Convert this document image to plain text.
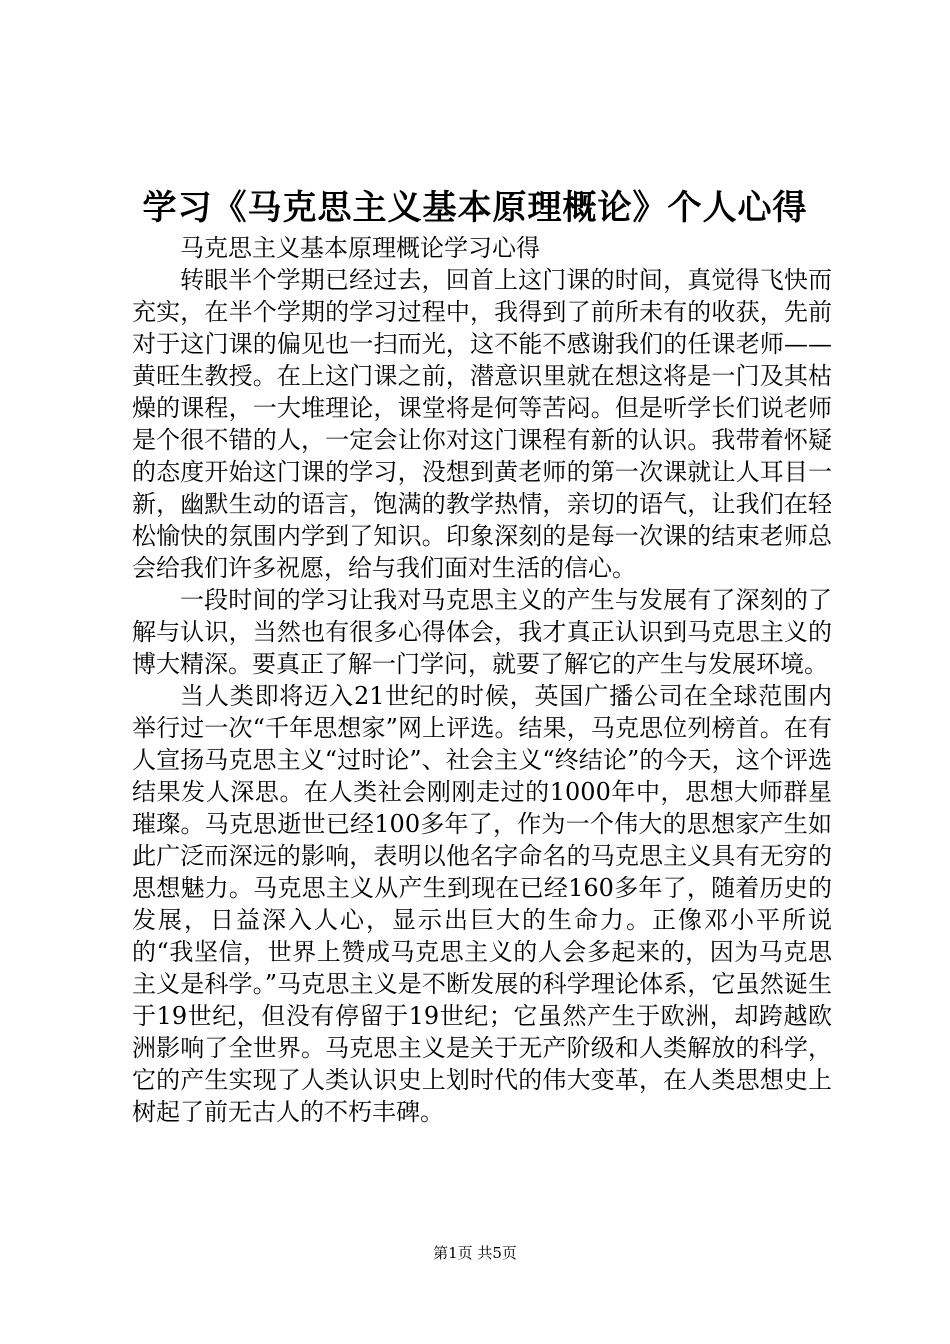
学习《马克思主义基本原理概论》个人心得

马克思主义基本原理概论学习心得

转眼半个学期已经过去，回首上这门课的时间，真觉得飞快而充实，在半个学期的学习过程中，我得到了前所未有的收获，先前对于这门课的偏见也一扫而光，这不能不感谢我们的任课老师——黄旺生教授。在上这门课之前，潜意识里就在想这将是一门及其枯燥的课程，一大堆理论，课堂将是何等苦闷。但是听学长们说老师是个很不错的人，一定会让你对这门课程有新的认识。我带着怀疑的态度开始这门课的学习，没想到黄老师的第一次课就让人耳目一新，幽默生动的语言，饱满的教学热情，亲切的语气，让我们在轻松愉快的氛围内学到了知识。印象深刻的是每一次课的结束老师总会给我们许多祝愿，给与我们面对生活的信心。

一段时间的学习让我对马克思主义的产生与发展有了深刻的了解与认识，当然也有很多心得体会，我才真正认识到马克思主义的博大精深。要真正了解一门学问，就要了解它的产生与发展环境。

当人类即将迈入21世纪的时候，英国广播公司在全球范围内举行过一次“千年思想家”网上评选。结果，马克思位列榜首。在有人宣扬马克思主义“过时论”、社会主义“终结论”的今天，这个评选结果发人深思。在人类社会刚刚走过的1000年中，思想大师群星璀璨。马克思逝世已经100多年了，作为一个伟大的思想家产生如此广泛而深远的影响，表明以他名字命名的马克思主义具有无穷的思想魅力。马克思主义从产生到现在已经160多年了，随着历史的发展，日益深入人心，显示出巨大的生命力。正像邓小平所说的“我坚信，世界上赞成马克思主义的人会多起来的，因为马克思主义是科学。”马克思主义是不断发展的科学理论体系，它虽然诞生于19世纪，但没有停留于19世纪；它虽然产生于欧洲，却跨越欧洲影响了全世界。马克思主义是关于无产阶级和人类解放的科学，它的产生实现了人类认识史上划时代的伟大变革，在人类思想史上树起了前无古人的不朽丰碑。

第1页 共5页
